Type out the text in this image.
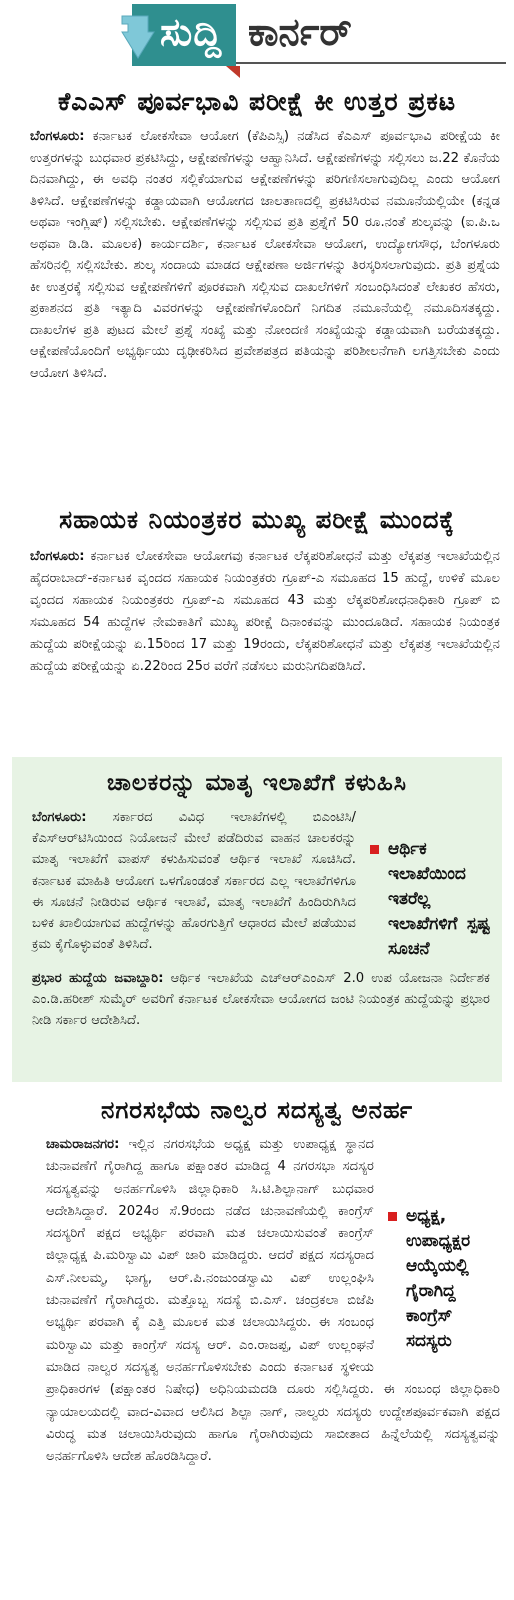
ಸುದ್ದಿ ಕಾರ್ನರ್
ಕೆಎಎಸ್ ಪೂರ್ವಭಾವಿ ಪರೀಕ್ಷೆ ಕೀ ಉತ್ತರ ಪ್ರಕಟ
ಬೆಂಗಳೂರು: ಕರ್ನಾಟಕ ಲೋಕಸೇವಾ ಆಯೋಗ (ಕೆಪಿಎಸ್ಸಿ) ನಡೆಸಿದ ಕೆಎಎಸ್ ಪೂರ್ವಭಾವಿ ಪರೀಕ್ಷೆಯ ಕೀ ಉತ್ತರಗಳನ್ನು ಬುಧವಾರ ಪ್ರಕಟಿಸಿದ್ದು, ಆಕ್ಷೇಪಣೆಗಳನ್ನು ಆಹ್ವಾನಿಸಿದೆ. ಆಕ್ಷೇಪಣೆಗಳನ್ನು ಸಲ್ಲಿಸಲು ಜ.22 ಕೊನೆಯ ದಿನವಾಗಿದ್ದು, ಈ ಅವಧಿ ನಂತರ ಸಲ್ಲಿಕೆಯಾಗುವ ಆಕ್ಷೇಪಣೆಗಳನ್ನು ಪರಿಗಣಿಸಲಾಗುವುದಿಲ್ಲ ಎಂದು ಆಯೋಗ ತಿಳಿಸಿದೆ. ಆಕ್ಷೇಪಣೆಗಳನ್ನು ಕಡ್ಡಾಯವಾಗಿ ಆಯೋಗದ ಜಾಲತಾಣದಲ್ಲಿ ಪ್ರಕಟಿಸಿರುವ ನಮೂನೆಯಲ್ಲಿಯೇ (ಕನ್ನಡ ಅಥವಾ ಇಂಗ್ಲಿಷ್) ಸಲ್ಲಿಸಬೇಕು. ಆಕ್ಷೇಪಣೆಗಳನ್ನು ಸಲ್ಲಿಸುವ ಪ್ರತಿ ಪ್ರಶ್ನೆಗೆ 50 ರೂ.ನಂತೆ ಶುಲ್ಕವನ್ನು (ಐ.ಪಿ.ಒ ಅಥವಾ ಡಿ.ಡಿ. ಮೂಲಕ) ಕಾರ್ಯದರ್ಶಿ, ಕರ್ನಾಟಕ ಲೋಕಸೇವಾ ಆಯೋಗ, ಉದ್ಯೋಗಸೌಧ, ಬೆಂಗಳೂರು ಹೆಸರಿನಲ್ಲಿ ಸಲ್ಲಿಸಬೇಕು. ಶುಲ್ಕ ಸಂದಾಯ ಮಾಡದ ಆಕ್ಷೇಪಣಾ ಅರ್ಜಿಗಳನ್ನು ತಿರಸ್ಕರಿಸಲಾಗುವುದು. ಪ್ರತಿ ಪ್ರಶ್ನೆಯ ಕೀ ಉತ್ತರಕ್ಕೆ ಸಲ್ಲಿಸುವ ಆಕ್ಷೇಪಣೆಗಳಿಗೆ ಪೂರಕವಾಗಿ ಸಲ್ಲಿಸುವ ದಾಖಲೆಗಳಿಗೆ ಸಂಬಂಧಿಸಿದಂತೆ ಲೇಖಕರ ಹೆಸರು, ಪ್ರಕಾಶನದ ಪ್ರತಿ ಇತ್ಯಾದಿ ವಿವರಗಳನ್ನು ಆಕ್ಷೇಪಣೆಗಳೊಂದಿಗೆ ನಿಗದಿತ ನಮೂನೆಯಲ್ಲಿ ನಮೂದಿಸತಕ್ಕದ್ದು. ದಾಖಲೆಗಳ ಪ್ರತಿ ಪುಟದ ಮೇಲೆ ಪ್ರಶ್ನೆ ಸಂಖ್ಯೆ ಮತ್ತು ನೋಂದಣಿ ಸಂಖ್ಯೆಯನ್ನು ಕಡ್ಡಾಯವಾಗಿ ಬರೆಯತಕ್ಕದ್ದು. ಆಕ್ಷೇಪಣೆಯೊಂದಿಗೆ ಅಭ್ಯರ್ಥಿಯು ದೃಢೀಕರಿಸಿದ ಪ್ರವೇಶಪತ್ರದ ಪತಿಯನ್ನು ಪರಿಶೀಲನೆಗಾಗಿ ಲಗತ್ತಿಸಬೇಕು ಎಂದು ಆಯೋಗ ತಿಳಿಸಿದೆ.
ಸಹಾಯಕ ನಿಯಂತ್ರಕರ ಮುಖ್ಯ ಪರೀಕ್ಷೆ ಮುಂದಕ್ಕೆ
ಬೆಂಗಳೂರು: ಕರ್ನಾಟಕ ಲೋಕಸೇವಾ ಆಯೋಗವು ಕರ್ನಾಟಕ ಲೆಕ್ಕಪರಿಶೋಧನೆ ಮತ್ತು ಲೆಕ್ಕಪತ್ರ ಇಲಾಖೆಯಲ್ಲಿನ ಹೈದರಾಬಾದ್-ಕರ್ನಾಟಕ ವೃಂದದ ಸಹಾಯಕ ನಿಯಂತ್ರಕರು ಗ್ರೂಪ್-ಎ ಸಮೂಹದ 15 ಹುದ್ದೆ, ಉಳಿಕೆ ಮೂಲ ವೃಂದದ ಸಹಾಯಕ ನಿಯಂತ್ರಕರು ಗ್ರೂಪ್-ಎ ಸಮೂಹದ 43 ಮತ್ತು ಲೆಕ್ಕಪರಿಶೋಧನಾಧಿಕಾರಿ ಗ್ರೂಪ್ ಬಿ ಸಮೂಹದ 54 ಹುದ್ದೆಗಳ ನೇಮಕಾತಿಗೆ ಮುಖ್ಯ ಪರೀಕ್ಷೆ ದಿನಾಂಕವನ್ನು ಮುಂದೂಡಿದೆ. ಸಹಾಯಕ ನಿಯಂತ್ರಕ ಹುದ್ದೆಯ ಪರೀಕ್ಷೆಯನ್ನು ಏ.15ರಿಂದ 17 ಮತ್ತು 19ರಂದು, ಲೆಕ್ಕಪರಿಶೋಧನೆ ಮತ್ತು ಲೆಕ್ಕಪತ್ರ ಇಲಾಖೆಯಲ್ಲಿನ ಹುದ್ದೆಯ ಪರೀಕ್ಷೆಯನ್ನು ಏ.22ರಿಂದ 25ರ ವರೆಗೆ ನಡೆಸಲು ಮರುನಿಗದಿಪಡಿಸಿದೆ.
ಚಾಲಕರನ್ನು ಮಾತೃ ಇಲಾಖೆಗೆ ಕಳುಹಿಸಿ
ಆರ್ಥಿಕ ಇಲಾಖೆಯಿಂದ ಇತರೆಲ್ಲ ಇಲಾಖೆಗಳಿಗೆ ಸ್ಪಷ್ಟ ಸೂಚನೆ
ಬೆಂಗಳೂರು: ಸರ್ಕಾರದ ವಿವಿಧ ಇಲಾಖೆಗಳಲ್ಲಿ ಬಿಎಂಟಿಸಿ/ಕೆಎಸ್ಆರ್‌ಟಿಸಿಯಿಂದ ನಿಯೋಜನೆ ಮೇಲೆ ಪಡೆದಿರುವ ವಾಹನ ಚಾಲಕರನ್ನು ಮಾತೃ ಇಲಾಖೆಗೆ ವಾಪಸ್ ಕಳುಹಿಸುವಂತೆ ಆರ್ಥಿಕ ಇಲಾಖೆ ಸೂಚಿಸಿದೆ. ಕರ್ನಾಟಕ ಮಾಹಿತಿ ಆಯೋಗ ಒಳಗೊಂಡಂತೆ ಸರ್ಕಾರದ ಎಲ್ಲ ಇಲಾಖೆಗಳಿಗೂ ಈ ಸೂಚನೆ ನೀಡಿರುವ ಆರ್ಥಿಕ ಇಲಾಖೆ, ಮಾತೃ ಇಲಾಖೆಗೆ ಹಿಂದಿರುಗಿಸಿದ ಬಳಿಕ ಖಾಲಿಯಾಗುವ ಹುದ್ದೆಗಳನ್ನು ಹೊರಗುತ್ತಿಗೆ ಆಧಾರದ ಮೇಲೆ ಪಡೆಯುವ ಕ್ರಮ ಕೈಗೊಳ್ಳುವಂತೆ ತಿಳಿಸಿದೆ.
ಪ್ರಭಾರ ಹುದ್ದೆಯ ಜವಾಬ್ದಾರಿ: ಆರ್ಥಿಕ ಇಲಾಖೆಯ ಎಚ್ಆರ್‌ಎಂಎಸ್ 2.0 ಉಪ ಯೋಜನಾ ನಿರ್ದೇಶಕ ಎಂ.ಡಿ.ಹರೀಶ್ ಸುಮೈರ್ ಅವರಿಗೆ ಕರ್ನಾಟಕ ಲೋಕಸೇವಾ ಆಯೋಗದ ಜಂಟಿ ನಿಯಂತ್ರಕ ಹುದ್ದೆಯನ್ನು ಪ್ರಭಾರ ನೀಡಿ ಸರ್ಕಾರ ಆದೇಶಿಸಿದೆ.
ನಗರಸಭೆಯ ನಾಲ್ವರ ಸದಸ್ಯತ್ವ ಅನರ್ಹ
ಅಧ್ಯಕ್ಷ, ಉಪಾಧ್ಯಕ್ಷರ ಆಯ್ಕೆಯಲ್ಲಿ ಗೈರಾಗಿದ್ದ ಕಾಂಗ್ರೆಸ್ ಸದಸ್ಯರು
ಚಾಮರಾಜನಗರ: ಇಲ್ಲಿನ ನಗರಸಭೆಯ ಅಧ್ಯಕ್ಷ ಮತ್ತು ಉಪಾಧ್ಯಕ್ಷ ಸ್ಥಾನದ ಚುನಾವಣೆಗೆ ಗೈರಾಗಿದ್ದ ಹಾಗೂ ಪಕ್ಷಾಂತರ ಮಾಡಿದ್ದ 4 ನಗರಸಭಾ ಸದಸ್ಯರ ಸದಸ್ಯತ್ವವನ್ನು ಅನರ್ಹಗೊಳಿಸಿ ಜಿಲ್ಲಾಧಿಕಾರಿ ಸಿ.ಟಿ.ಶಿಲ್ಪಾನಾಗ್ ಬುಧವಾರ ಆದೇಶಿಸಿದ್ದಾರೆ. 2024ರ ಸೆ.9ರಂದು ನಡೆದ ಚುನಾವಣೆಯಲ್ಲಿ ಕಾಂಗ್ರೆಸ್ ಸದಸ್ಯರಿಗೆ ಪಕ್ಷದ ಅಭ್ಯರ್ಥಿ ಪರವಾಗಿ ಮತ ಚಲಾಯಿಸುವಂತೆ ಕಾಂಗ್ರೆಸ್ ಜಿಲ್ಲಾಧ್ಯಕ್ಷ ಪಿ.ಮರಿಸ್ವಾಮಿ ವಿಪ್ ಜಾರಿ ಮಾಡಿದ್ದರು. ಆದರೆ ಪಕ್ಷದ ಸದಸ್ಯರಾದ ಎಸ್.ನೀಲಮ್ಮ, ಭಾಗ್ಯ, ಆರ್.ಪಿ.ನಂಜುಂಡಸ್ವಾಮಿ ವಿಪ್ ಉಲ್ಲಂಘಿಸಿ ಚುನಾವಣೆಗೆ ಗೈರಾಗಿದ್ದರು. ಮತ್ತೊಬ್ಬ ಸದಸ್ಯೆ ಬಿ.ಎಸ್. ಚಂದ್ರಕಲಾ ಬಿಜೆಪಿ ಅಭ್ಯರ್ಥಿ ಪರವಾಗಿ ಕೈ ಎತ್ತಿ ಮೂಲಕ ಮತ ಚಲಾಯಿಸಿದ್ದರು. ಈ ಸಂಬಂಧ ಮರಿಸ್ವಾಮಿ ಮತ್ತು ಕಾಂಗ್ರೆಸ್ ಸದಸ್ಯ ಆರ್. ಎಂ.ರಾಜಪ್ಪ, ವಿಪ್ ಉಲ್ಲಂಘನೆ ಮಾಡಿದ ನಾಲ್ವರ ಸದಸ್ಯತ್ವ ಅನರ್ಹಗೊಳಿಸಬೇಕು ಎಂದು ಕರ್ನಾಟಕ ಸ್ಥಳೀಯ ಪ್ರಾಧಿಕಾರಗಳ (ಪಕ್ಷಾಂತರ ನಿಷೇಧ) ಅಧಿನಿಯಮದಡಿ ದೂರು ಸಲ್ಲಿಸಿದ್ದರು. ಈ ಸಂಬಂಧ ಜಿಲ್ಲಾಧಿಕಾರಿ ನ್ಯಾಯಾಲಯದಲ್ಲಿ ವಾದ-ವಿವಾದ ಆಲಿಸಿದ ಶಿಲ್ಪಾ ನಾಗ್, ನಾಲ್ವರು ಸದಸ್ಯರು ಉದ್ದೇಶಪೂರ್ವಕವಾಗಿ ಪಕ್ಷದ ವಿರುದ್ಧ ಮತ ಚಲಾಯಿಸಿರುವುದು ಹಾಗೂ ಗೈರಾಗಿರುವುದು ಸಾಬೀತಾದ ಹಿನ್ನೆಲೆಯಲ್ಲಿ ಸದಸ್ಯತ್ವವನ್ನು ಅನರ್ಹಗೊಳಿಸಿ ಆದೇಶ ಹೊರಡಿಸಿದ್ದಾರೆ.
